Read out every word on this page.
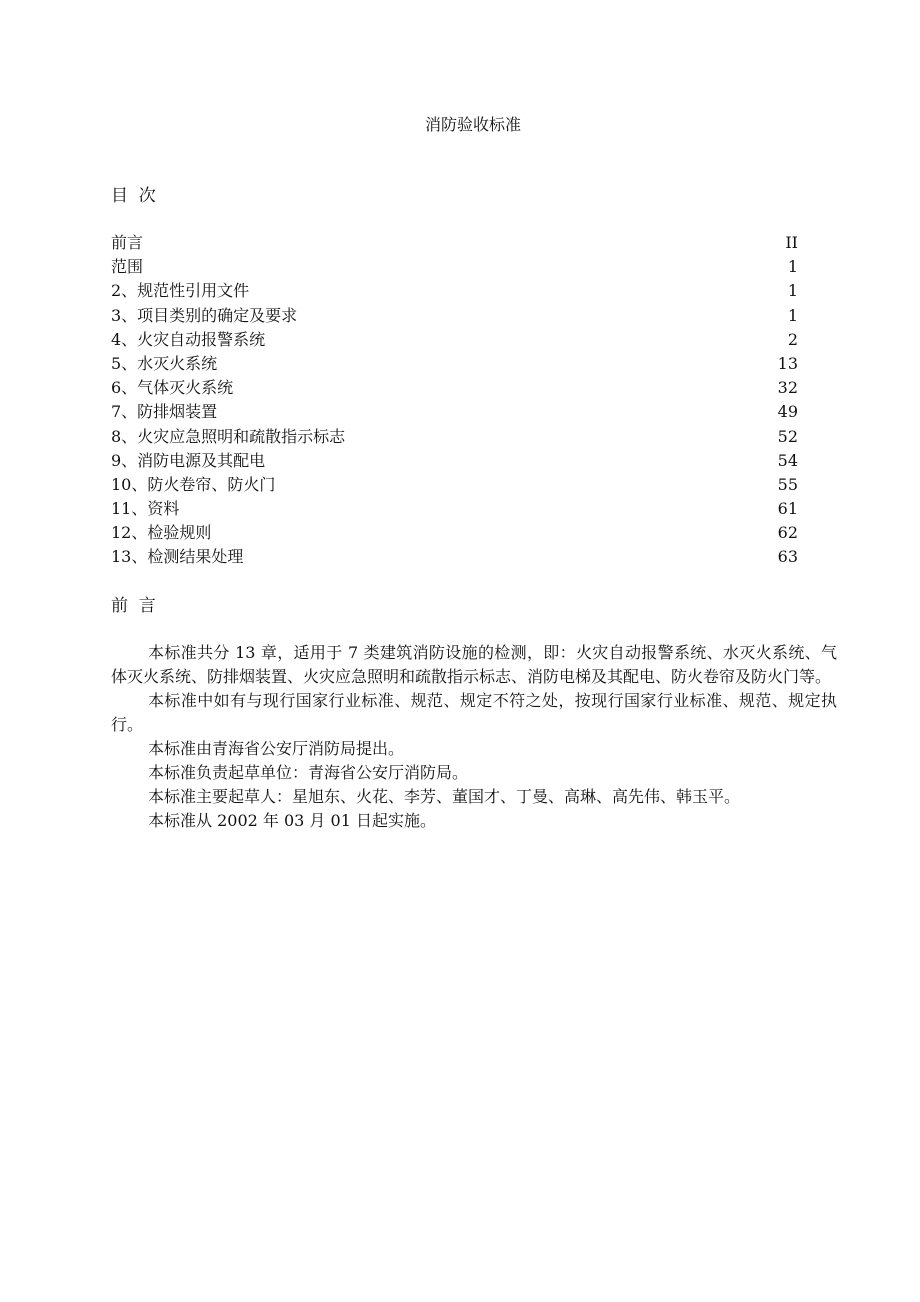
消防验收标准
目  次
前言	II
范围	1
2、规范性引用文件	1
3、项目类别的确定及要求	1
4、火灾自动报警系统	2
5、水灭火系统	13
6、气体灭火系统	32
7、防排烟装置	49
8、火灾应急照明和疏散指示标志	52
9、消防电源及其配电	54
10、防火卷帘、防火门	55
11、资料	61
12、检验规则	62
13、检测结果处理	63
前  言

本标准共分 13 章，适用于 7 类建筑消防设施的检测，即：火灾自动报警系统、水灭火系统、气体灭火系统、防排烟装置、火灾应急照明和疏散指示标志、消防电梯及其配电、防火卷帘及防火门等。

本标准中如有与现行国家行业标准、规范、规定不符之处，按现行国家行业标准、规范、规定执行。

本标准由青海省公安厅消防局提出。

本标准负责起草单位：青海省公安厅消防局。

本标准主要起草人：星旭东、火花、李芳、董国才、丁曼、高琳、高先伟、韩玉平。

本标准从 2002 年 03 月 01 日起实施。
